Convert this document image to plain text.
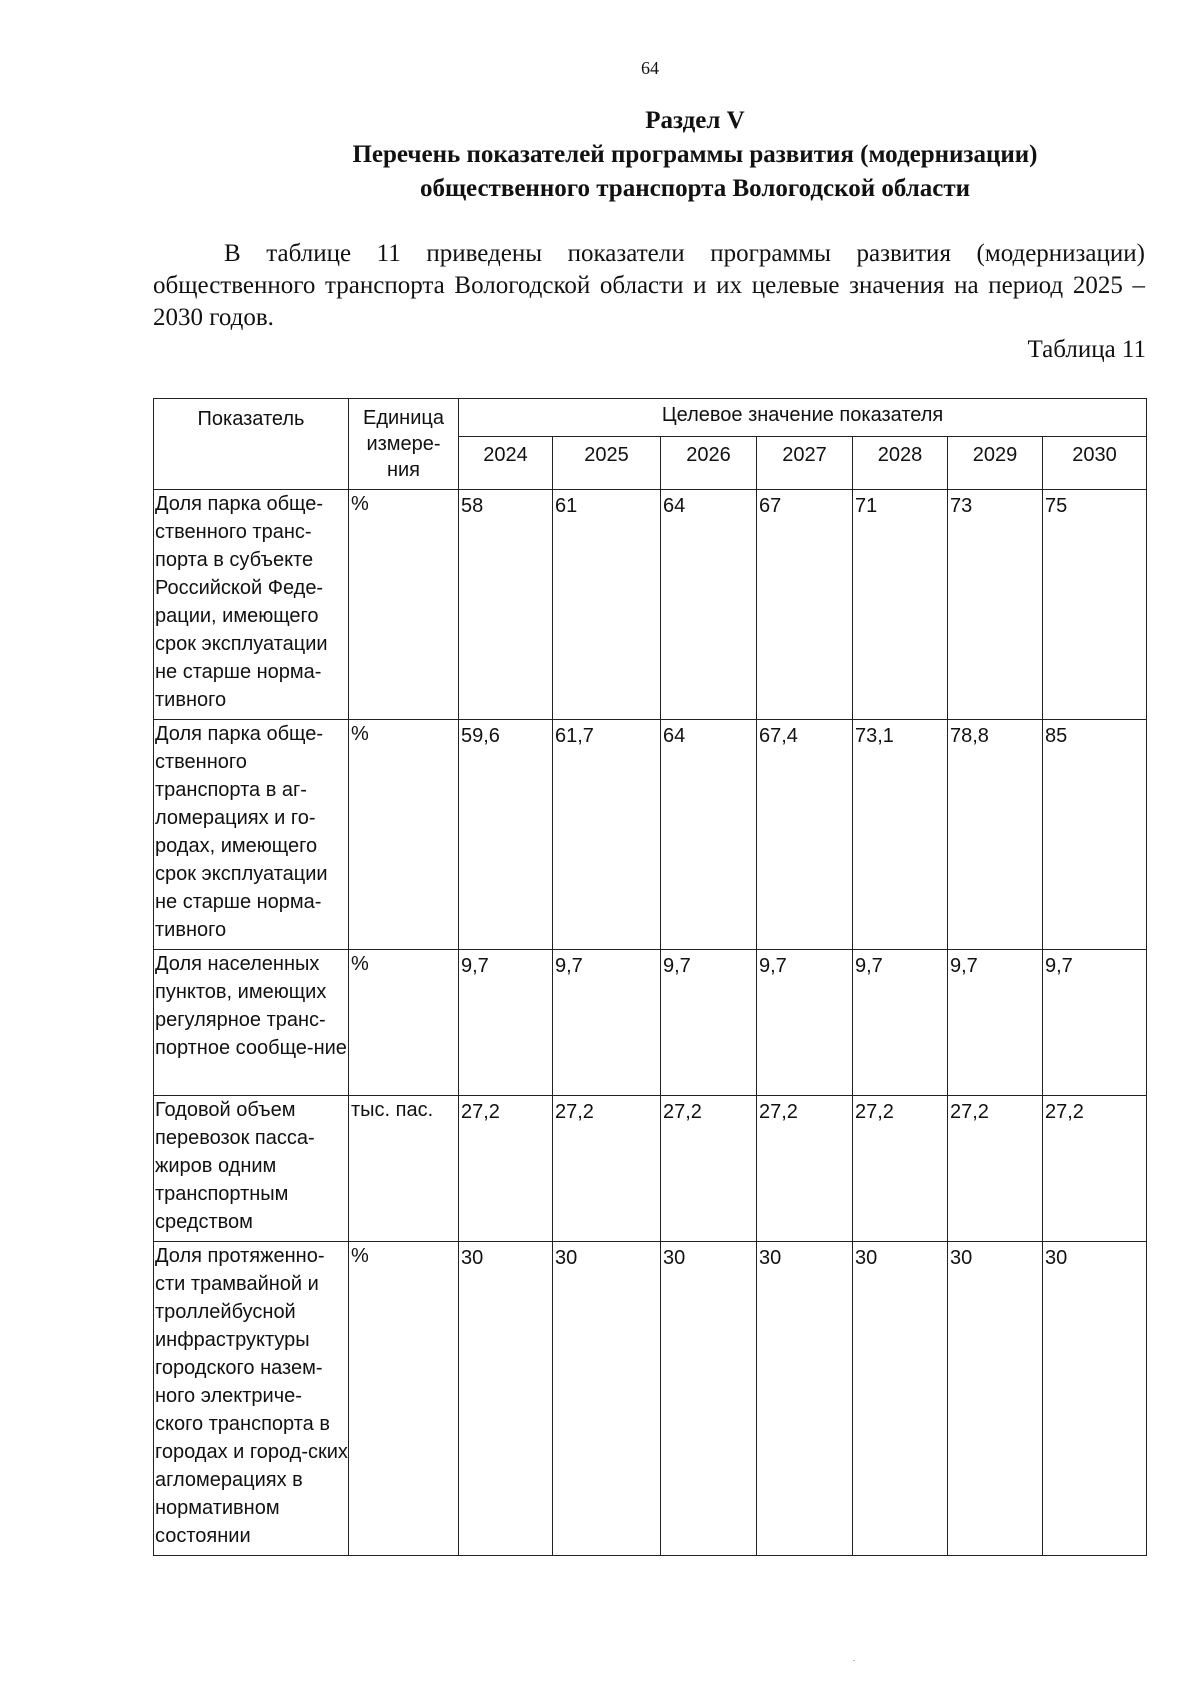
64
Раздел V
Перечень показателей программы развития (модернизации)
общественного транспорта Вологодской области
В таблице 11 приведены показатели программы развития (модернизации) общественного транспорта Вологодской области и их целевые значения на период 2025 – 2030 годов.
Таблица 11
Показатель	Единица измере-ния	Целевое значение показателя						
		2024	2025	2026	2027	2028	2029	2030
Доля парка обще-ственного транс-порта в субъекте Российской Феде-рации, имеющего срок эксплуатации не старше норма-тивного	%	58	61	64	67	71	73	75
Доля парка обще-ственного транспорта в аг-ломерациях и го-родах, имеющего срок эксплуатации не старше норма-тивного	%	59,6	61,7	64	67,4	73,1	78,8	85
Доля населенных пунктов, имеющих регулярное транс-портное сообще-ние	%	9,7	9,7	9,7	9,7	9,7	9,7	9,7
Годовой объем перевозок пасса-жиров одним транспортным средством	тыс. пас.	27,2	27,2	27,2	27,2	27,2	27,2	27,2
Доля протяженно-сти трамвайной и троллейбусной инфраструктуры городского назем-ного электриче-ского транспорта в городах и город-ских агломерациях в нормативном состоянии	%	30	30	30	30	30	30	30
